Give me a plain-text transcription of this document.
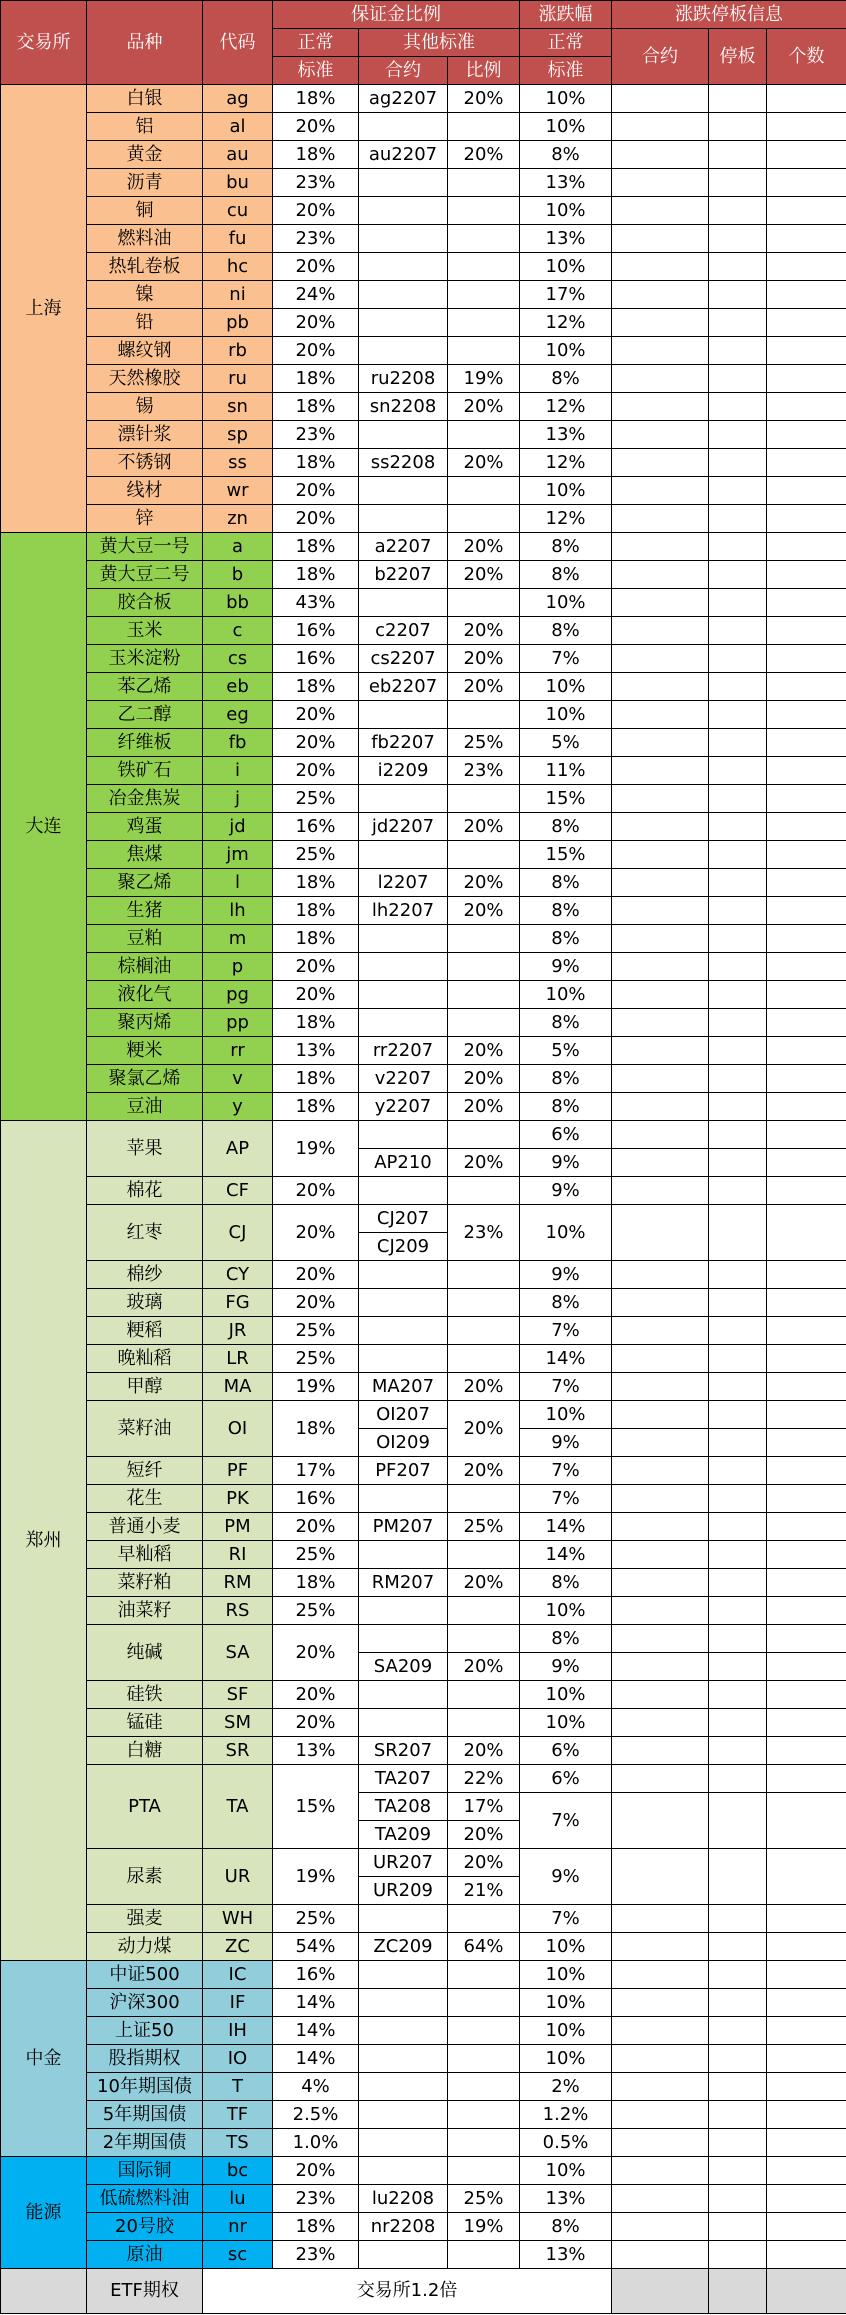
交易所	品种	代码	保证金比例			涨跌幅	涨跌停板信息		
			正常	其他标准		正常	合约	停板	个数
			标准	合约	比例	标准			
上海	白银	ag	18%	ag2207	20%	10%			
	铝	al	20%			10%			
	黄金	au	18%	au2207	20%	8%			
	沥青	bu	23%			13%			
	铜	cu	20%			10%			
	燃料油	fu	23%			13%			
	热轧卷板	hc	20%			10%			
	镍	ni	24%			17%			
	铅	pb	20%			12%			
	螺纹钢	rb	20%			10%			
	天然橡胶	ru	18%	ru2208	19%	8%			
	锡	sn	18%	sn2208	20%	12%			
	漂针浆	sp	23%			13%			
	不锈钢	ss	18%	ss2208	20%	12%			
	线材	wr	20%			10%			
	锌	zn	20%			12%			
大连	黄大豆一号	a	18%	a2207	20%	8%			
	黄大豆二号	b	18%	b2207	20%	8%			
	胶合板	bb	43%			10%			
	玉米	c	16%	c2207	20%	8%			
	玉米淀粉	cs	16%	cs2207	20%	7%			
	苯乙烯	eb	18%	eb2207	20%	10%			
	乙二醇	eg	20%			10%			
	纤维板	fb	20%	fb2207	25%	5%			
	铁矿石	i	20%	i2209	23%	11%			
	冶金焦炭	j	25%			15%			
	鸡蛋	jd	16%	jd2207	20%	8%			
	焦煤	jm	25%			15%			
	聚乙烯	l	18%	l2207	20%	8%			
	生猪	lh	18%	lh2207	20%	8%			
	豆粕	m	18%			8%			
	棕榈油	p	20%			9%			
	液化气	pg	20%			10%			
	聚丙烯	pp	18%			8%			
	粳米	rr	13%	rr2207	20%	5%			
	聚氯乙烯	v	18%	v2207	20%	8%			
	豆油	y	18%	y2207	20%	8%			
郑州	苹果	AP	19%			6%			
				AP210	20%	9%			
	棉花	CF	20%			9%			
	红枣	CJ	20%	CJ207	23%	10%			
				CJ209					
	棉纱	CY	20%			9%			
	玻璃	FG	20%			8%			
	粳稻	JR	25%			7%			
	晚籼稻	LR	25%			14%			
	甲醇	MA	19%	MA207	20%	7%			
	菜籽油	OI	18%	OI207	20%	10%			
				OI209		9%			
	短纤	PF	17%	PF207	20%	7%			
	花生	PK	16%			7%			
	普通小麦	PM	20%	PM207	25%	14%			
	早籼稻	RI	25%			14%			
	菜籽粕	RM	18%	RM207	20%	8%			
	油菜籽	RS	25%			10%			
	纯碱	SA	20%			8%			
				SA209	20%	9%			
	硅铁	SF	20%			10%			
	锰硅	SM	20%			10%			
	白糖	SR	13%	SR207	20%	6%			
	PTA	TA	15%	TA207	22%	6%			
				TA208	17%	7%			
				TA209	20%				
	尿素	UR	19%	UR207	20%	9%			
				UR209	21%				
	强麦	WH	25%			7%			
	动力煤	ZC	54%	ZC209	64%	10%			
中金	中证500	IC	16%			10%			
	沪深300	IF	14%			10%			
	上证50	IH	14%			10%			
	股指期权	IO	14%			10%			
	10年期国债	T	4%			2%			
	5年期国债	TF	2.5%			1.2%			
	2年期国债	TS	1.0%			0.5%			
能源	国际铜	bc	20%			10%			
	低硫燃料油	lu	23%	lu2208	25%	13%			
	20号胶	nr	18%	nr2208	19%	8%			
	原油	sc	23%			13%			
	ETF期权	交易所1.2倍							
